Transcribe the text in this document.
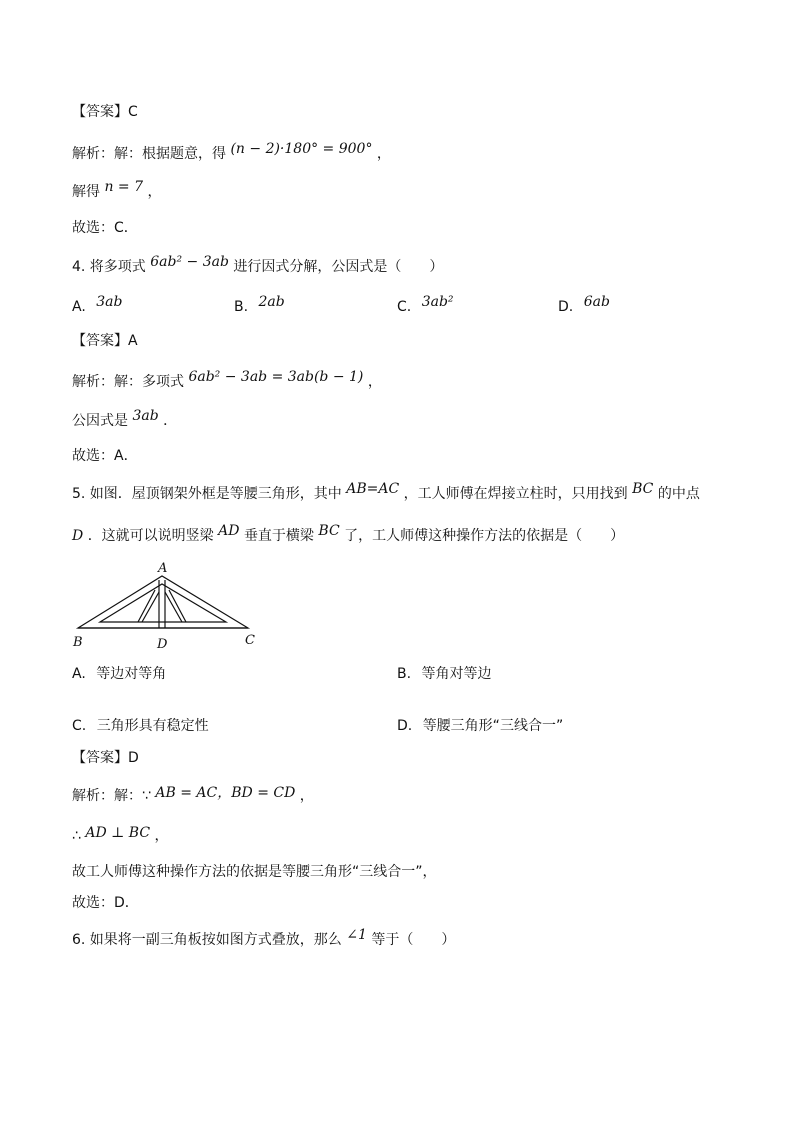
【答案】C
解析：解：根据题意，得 (n − 2)·180° = 900° ，
解得 n = 7 ，
故选：C．
4. 将多项式 6ab² − 3ab 进行因式分解，公因式是（　　）
A. 3ab	B. 2ab	C. 3ab²	D. 6ab
【答案】A
解析：解：多项式 6ab² − 3ab = 3ab(b − 1) ，
公因式是 3ab ．
故选：A．
5. 如图．屋顶钢架外框是等腰三角形，其中 AB=AC ，工人师傅在焊接立柱时，只用找到 BC 的中点
D ．这就可以说明竖梁 AD 垂直于横梁 BC 了，工人师傅这种操作方法的依据是（　　）
A
B	D	C
A. 等边对等角	B. 等角对等边
C. 三角形具有稳定性	D. 等腰三角形“三线合一”
【答案】D
解析：解：∵ AB = AC，BD = CD ，
∴ AD ⊥ BC ，
故工人师傅这种操作方法的依据是等腰三角形“三线合一”，
故选：D．
6. 如果将一副三角板按如图方式叠放，那么 ∠1 等于（　　）
